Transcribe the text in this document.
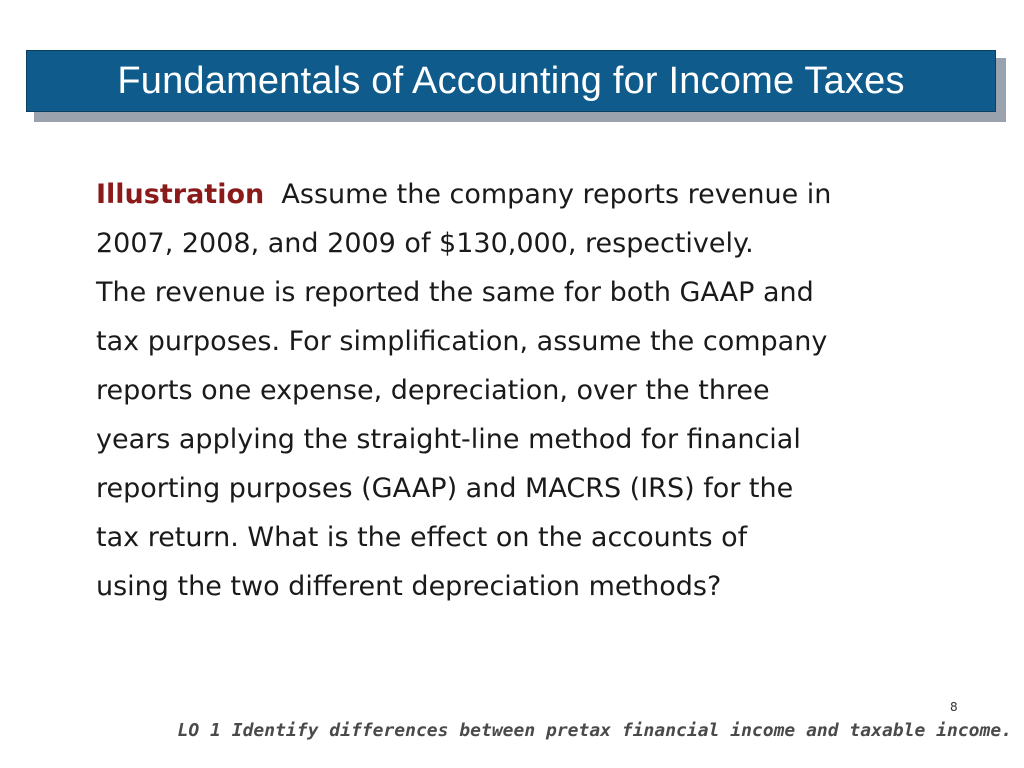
Fundamentals of Accounting for Income Taxes
Illustration Assume the company reports revenue in
2007, 2008, and 2009 of $130,000, respectively.
The revenue is reported the same for both GAAP and
tax purposes. For simplification, assume the company
reports one expense, depreciation, over the three
years applying the straight-line method for financial
reporting purposes (GAAP) and MACRS (IRS) for the
tax return. What is the effect on the accounts of
using the two different depreciation methods?
8
LO 1 Identify differences between pretax financial income and taxable income.
